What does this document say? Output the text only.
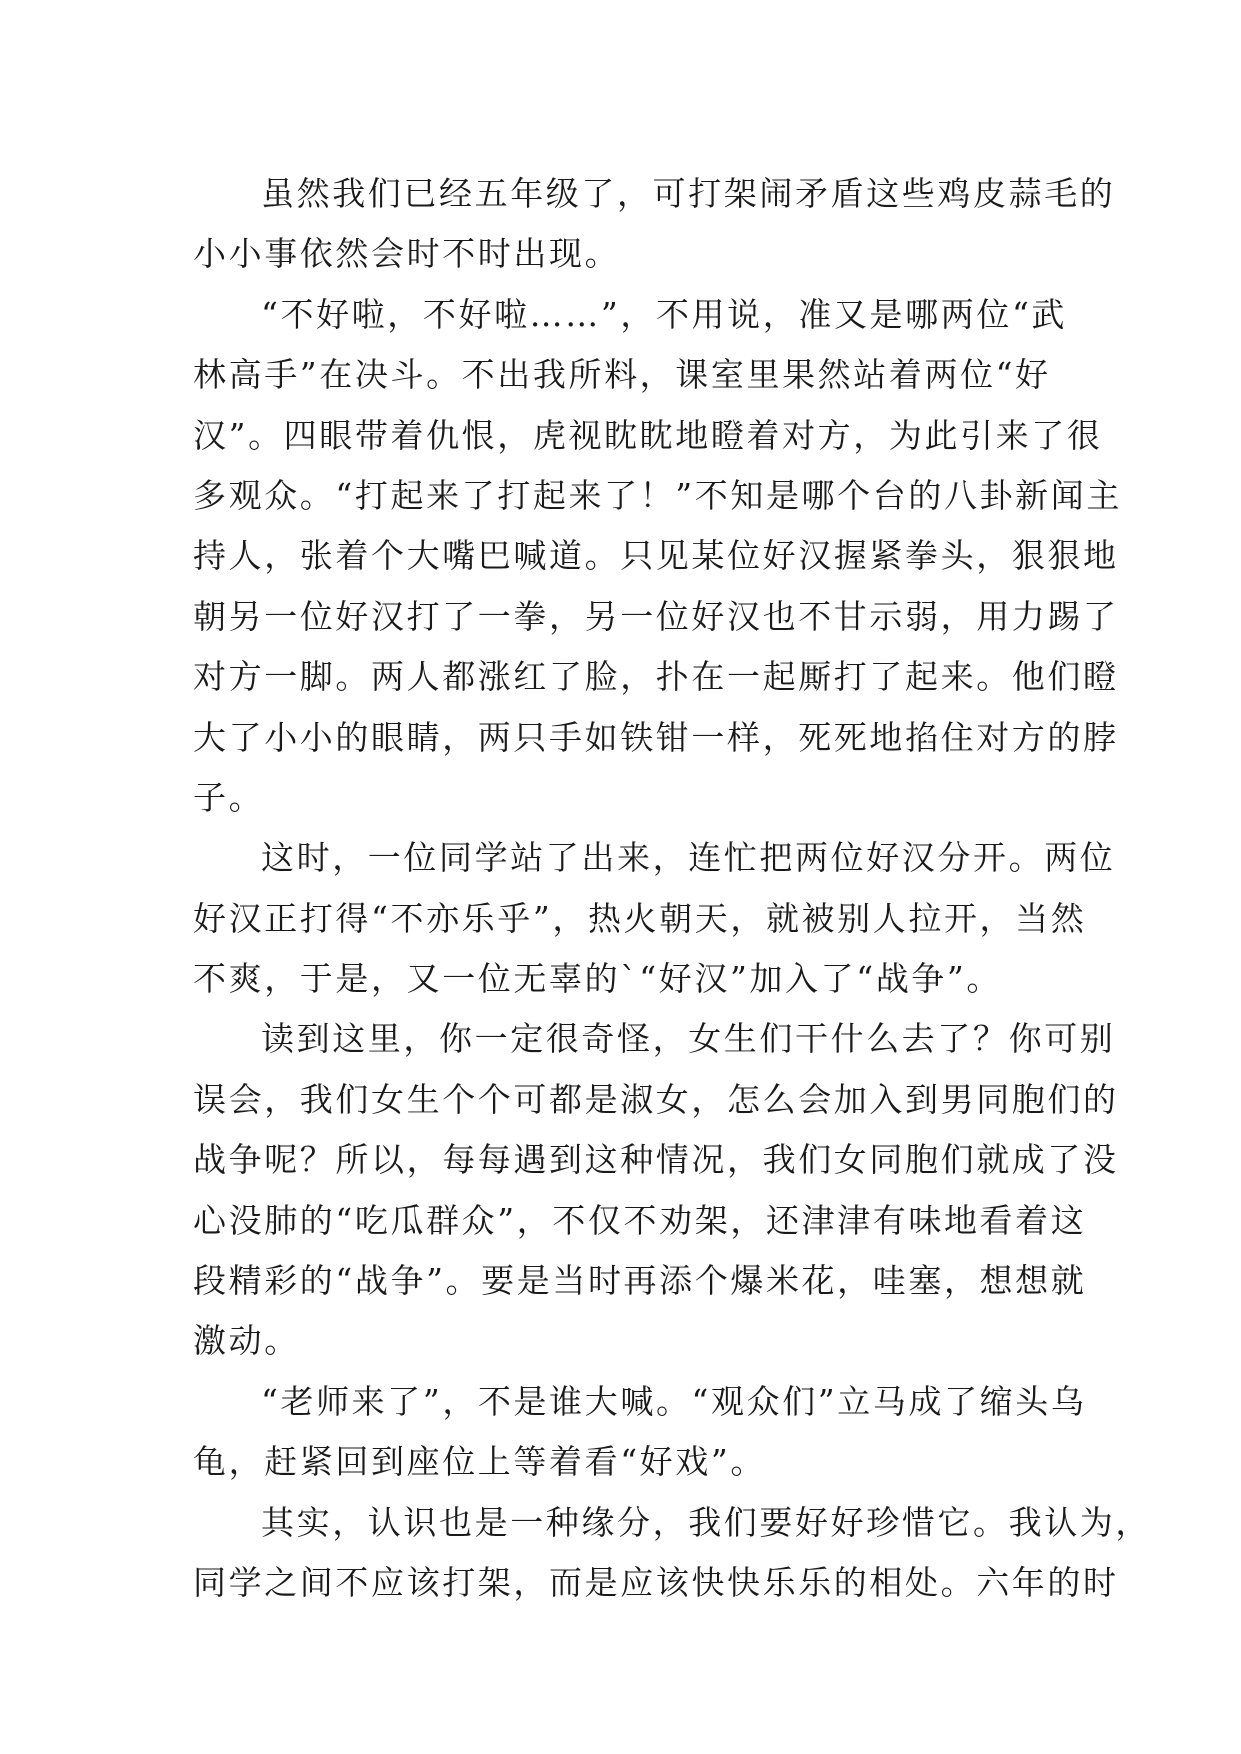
虽然我们已经五年级了，可打架闹矛盾这些鸡皮蒜毛的
小小事依然会时不时出现。
“不好啦，不好啦……”，不用说，准又是哪两位“武
林高手”在决斗。不出我所料，课室里果然站着两位“好
汉”。四眼带着仇恨，虎视眈眈地瞪着对方，为此引来了很
多观众。“打起来了打起来了！”不知是哪个台的八卦新闻主
持人，张着个大嘴巴喊道。只见某位好汉握紧拳头，狠狠地
朝另一位好汉打了一拳，另一位好汉也不甘示弱，用力踢了
对方一脚。两人都涨红了脸，扑在一起厮打了起来。他们瞪
大了小小的眼睛，两只手如铁钳一样，死死地掐住对方的脖
子。
这时，一位同学站了出来，连忙把两位好汉分开。两位
好汉正打得“不亦乐乎”，热火朝天，就被别人拉开，当然
不爽，于是，又一位无辜的`“好汉”加入了“战争”。
读到这里，你一定很奇怪，女生们干什么去了？你可别
误会，我们女生个个可都是淑女，怎么会加入到男同胞们的
战争呢？所以，每每遇到这种情况，我们女同胞们就成了没
心没肺的“吃瓜群众”，不仅不劝架，还津津有味地看着这
段精彩的“战争”。要是当时再添个爆米花，哇塞，想想就
激动。
“老师来了”，不是谁大喊。“观众们”立马成了缩头乌
龟，赶紧回到座位上等着看“好戏”。
其实，认识也是一种缘分，我们要好好珍惜它。我认为，
同学之间不应该打架，而是应该快快乐乐的相处。六年的时
